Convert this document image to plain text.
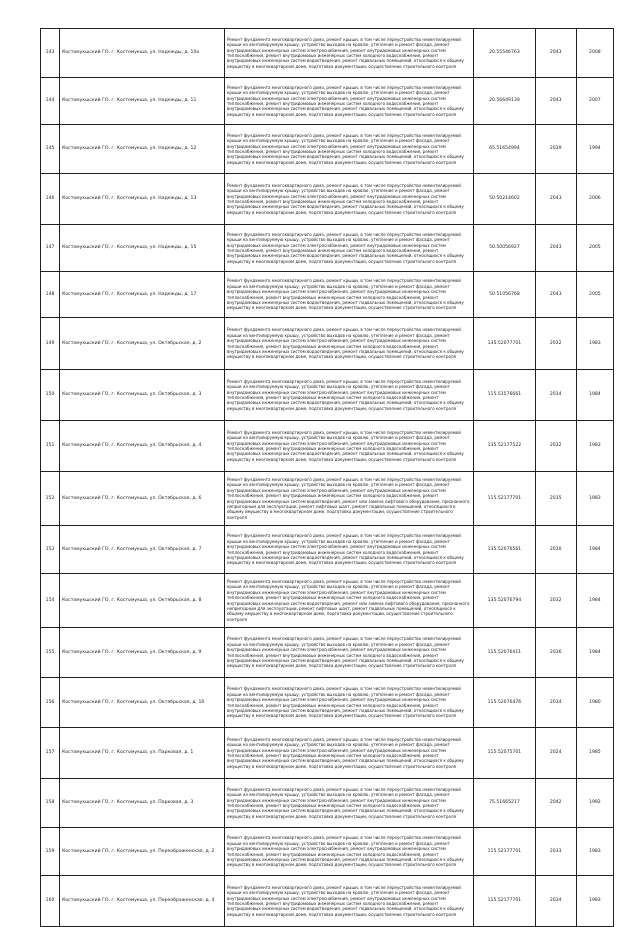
143	Костомукшский ГО, г. Костомукша, ул. Надежды, д. 10а	Ремонт фундамента многоквартирного дома, ремонт крыши, в том числе переустройство невентилируемой крыши на вентилируемую крышу, устройство выходов на кровлю, утепление и ремонт фасада, ремонт внутридомовых инженерных систем электроснабжения, ремонт внутридомовых инженерных систем теплоснабжения, ремонт внутридомовых инженерных систем холодного водоснабжения, ремонт внутридомовых инженерных систем водоотведения, ремонт подвальных помещений, относящихся к общему имуществу в многоквартирном доме, подготовка документации, осуществление строительного контроля	20.55546763	2043	2008
144	Костомукшский ГО, г. Костомукша, ул. Надежды, д. 11	Ремонт фундамента многоквартирного дома, ремонт крыши, в том числе переустройство невентилируемой крыши на вентилируемую крышу, устройство выходов на кровлю, утепление и ремонт фасада, ремонт внутридомовых инженерных систем электроснабжения, ремонт внутридомовых инженерных систем теплоснабжения, ремонт внутридомовых инженерных систем холодного водоснабжения, ремонт внутридомовых инженерных систем водоотведения, ремонт подвальных помещений, относящихся к общему имуществу в многоквартирном доме, подготовка документации, осуществление строительного контроля	20.56649139	2043	2007
145	Костомукшский ГО, г. Костомукша, ул. Надежды, д. 12	Ремонт фундамента многоквартирного дома, ремонт крыши, в том числе переустройство невентилируемой крыши на вентилируемую крышу, устройство выходов на кровлю, утепление и ремонт фасада, ремонт внутридомовых инженерных систем электроснабжения, ремонт внутридомовых инженерных систем теплоснабжения, ремонт внутридомовых инженерных систем холодного водоснабжения, ремонт внутридомовых инженерных систем водоотведения, ремонт подвальных помещений, относящихся к общему имуществу в многоквартирном доме, подготовка документации, осуществление строительного контроля	65.51654994	2039	1994
146	Костомукшский ГО, г. Костомукша, ул. Надежды, д. 13	Ремонт фундамента многоквартирного дома, ремонт крыши, в том числе переустройство невентилируемой крыши на вентилируемую крышу, устройство выходов на кровлю, утепление и ремонт фасада, ремонт внутридомовых инженерных систем электроснабжения, ремонт внутридомовых инженерных систем теплоснабжения, ремонт внутридомовых инженерных систем холодного водоснабжения, ремонт внутридомовых инженерных систем водоотведения, ремонт подвальных помещений, относящихся к общему имуществу в многоквартирном доме, подготовка документации, осуществление строительного контроля	50.50214602	2043	2006
147	Костомукшский ГО, г. Костомукша, ул. Надежды, д. 15	Ремонт фундамента многоквартирного дома, ремонт крыши, в том числе переустройство невентилируемой крыши на вентилируемую крышу, устройство выходов на кровлю, утепление и ремонт фасада, ремонт внутридомовых инженерных систем электроснабжения, ремонт внутридомовых инженерных систем теплоснабжения, ремонт внутридомовых инженерных систем холодного водоснабжения, ремонт внутридомовых инженерных систем водоотведения, ремонт подвальных помещений, относящихся к общему имуществу в многоквартирном доме, подготовка документации, осуществление строительного контроля	50.50056927	2043	2005
148	Костомукшский ГО, г. Костомукша, ул. Надежды, д. 17	Ремонт фундамента многоквартирного дома, ремонт крыши, в том числе переустройство невентилируемой крыши на вентилируемую крышу, устройство выходов на кровлю, утепление и ремонт фасада, ремонт внутридомовых инженерных систем электроснабжения, ремонт внутридомовых инженерных систем теплоснабжения, ремонт внутридомовых инженерных систем холодного водоснабжения, ремонт внутридомовых инженерных систем водоотведения, ремонт подвальных помещений, относящихся к общему имуществу в многоквартирном доме, подготовка документации, осуществление строительного контроля	50.51056768	2043	2005
149	Костомукшский ГО, г. Костомукша, ул. Октябрьская, д. 2	Ремонт фундамента многоквартирного дома, ремонт крыши, в том числе переустройство невентилируемой крыши на вентилируемую крышу, устройство выходов на кровлю, утепление и ремонт фасада, ремонт внутридомовых инженерных систем электроснабжения, ремонт внутридомовых инженерных систем теплоснабжения, ремонт внутридомовых инженерных систем холодного водоснабжения, ремонт внутридомовых инженерных систем водоотведения, ремонт подвальных помещений, относящихся к общему имуществу в многоквартирном доме, подготовка документации, осуществление строительного контроля	135.52077701	2032	1983
150	Костомукшский ГО, г. Костомукша, ул. Октябрьская, д. 3	Ремонт фундамента многоквартирного дома, ремонт крыши, в том числе переустройство невентилируемой крыши на вентилируемую крышу, устройство выходов на кровлю, утепление и ремонт фасада, ремонт внутридомовых инженерных систем электроснабжения, ремонт внутридомовых инженерных систем теплоснабжения, ремонт внутридомовых инженерных систем холодного водоснабжения, ремонт внутридомовых инженерных систем водоотведения, ремонт подвальных помещений, относящихся к общему имуществу в многоквартирном доме, подготовка документации, осуществление строительного контроля	115.51576661	2034	1984
151	Костомукшский ГО, г. Костомукша, ул. Октябрьская, д. 4	Ремонт фундамента многоквартирного дома, ремонт крыши, в том числе переустройство невентилируемой крыши на вентилируемую крышу, устройство выходов на кровлю, утепление и ремонт фасада, ремонт внутридомовых инженерных систем электроснабжения, ремонт внутридомовых инженерных систем теплоснабжения, ремонт внутридомовых инженерных систем холодного водоснабжения, ремонт внутридомовых инженерных систем водоотведения, ремонт подвальных помещений, относящихся к общему имуществу в многоквартирном доме, подготовка документации, осуществление строительного контроля	135.52177522	2032	1983
152	Костомукшский ГО, г. Костомукша, ул. Октябрьская, д. 6	Ремонт фундамента многоквартирного дома, ремонт крыши, в том числе переустройство невентилируемой крыши на вентилируемую крышу, устройство выходов на кровлю, утепление и ремонт фасада, ремонт внутридомовых инженерных систем электроснабжения, ремонт внутридомовых инженерных систем теплоснабжения, ремонт внутридомовых инженерных систем холодного водоснабжения, ремонт внутридомовых инженерных систем водоотведения, ремонт или замена лифтового оборудования, признанного непригодным для эксплуатации, ремонт лифтовых шахт, ремонт подвальных помещений, относящихся к общему имуществу в многоквартирном доме, подготовка документации, осуществление строительного контроля	115.52177701	2035	1983
153	Костомукшский ГО, г. Костомукша, ул. Октябрьская, д. 7	Ремонт фундамента многоквартирного дома, ремонт крыши, в том числе переустройство невентилируемой крыши на вентилируемую крышу, устройство выходов на кровлю, утепление и ремонт фасада, ремонт внутридомовых инженерных систем электроснабжения, ремонт внутридомовых инженерных систем теплоснабжения, ремонт внутридомовых инженерных систем холодного водоснабжения, ремонт внутридомовых инженерных систем водоотведения, ремонт подвальных помещений, относящихся к общему имуществу в многоквартирном доме, подготовка документации, осуществление строительного контроля	135.52076561	2030	1984
154	Костомукшский ГО, г. Костомукша, ул. Октябрьская, д. 8	Ремонт фундамента многоквартирного дома, ремонт крыши, в том числе переустройство невентилируемой крыши на вентилируемую крышу, устройство выходов на кровлю, утепление и ремонт фасада, ремонт внутридомовых инженерных систем электроснабжения, ремонт внутридомовых инженерных систем теплоснабжения, ремонт внутридомовых инженерных систем холодного водоснабжения, ремонт внутридомовых инженерных систем водоотведения, ремонт или замена лифтового оборудования, признанного непригодным для эксплуатации, ремонт лифтовых шахт, ремонт подвальных помещений, относящихся к общему имуществу в многоквартирном доме, подготовка документации, осуществление строительного контроля	135.52076794	2032	1984
155	Костомукшский ГО, г. Костомукша, ул. Октябрьская, д. 9	Ремонт фундамента многоквартирного дома, ремонт крыши, в том числе переустройство невентилируемой крыши на вентилируемую крышу, устройство выходов на кровлю, утепление и ремонт фасада, ремонт внутридомовых инженерных систем электроснабжения, ремонт внутридомовых инженерных систем теплоснабжения, ремонт внутридомовых инженерных систем холодного водоснабжения, ремонт внутридомовых инженерных систем водоотведения, ремонт подвальных помещений, относящихся к общему имуществу в многоквартирном доме, подготовка документации, осуществление строительного контроля	115.52076411	2036	1984
156	Костомукшский ГО, г. Костомукша, ул. Октябрьская, д. 10	Ремонт фундамента многоквартирного дома, ремонт крыши, в том числе переустройство невентилируемой крыши на вентилируемую крышу, устройство выходов на кровлю, утепление и ремонт фасада, ремонт внутридомовых инженерных систем электроснабжения, ремонт внутридомовых инженерных систем теплоснабжения, ремонт внутридомовых инженерных систем холодного водоснабжения, ремонт внутридомовых инженерных систем водоотведения, ремонт подвальных помещений, относящихся к общему имуществу в многоквартирном доме, подготовка документации, осуществление строительного контроля	115.52076476	2034	1980
157	Костомукшский ГО, г. Костомукша, ул. Парковая, д. 1	Ремонт фундамента многоквартирного дома, ремонт крыши, в том числе переустройство невентилируемой крыши на вентилируемую крышу, устройство выходов на кровлю, утепление и ремонт фасада, ремонт внутридомовых инженерных систем электроснабжения, ремонт внутридомовых инженерных систем теплоснабжения, ремонт внутридомовых инженерных систем холодного водоснабжения, ремонт внутридомовых инженерных систем водоотведения, ремонт подвальных помещений, относящихся к общему имуществу в многоквартирном доме, подготовка документации, осуществление строительного контроля	115.52075701	2024	1985
158	Костомукшский ГО, г. Костомукша, ул. Парковая, д. 3	Ремонт фундамента многоквартирного дома, ремонт крыши, в том числе переустройство невентилируемой крыши на вентилируемую крышу, устройство выходов на кровлю, утепление и ремонт фасада, ремонт внутридомовых инженерных систем электроснабжения, ремонт внутридомовых инженерных систем теплоснабжения, ремонт внутридомовых инженерных систем холодного водоснабжения, ремонт внутридомовых инженерных систем водоотведения, ремонт подвальных помещений, относящихся к общему имуществу в многоквартирном доме, подготовка документации, осуществление строительного контроля	75.51665217	2042	1992
159	Костомукшский ГО, г. Костомукша, ул. Переображенская, д. 2	Ремонт фундамента многоквартирного дома, ремонт крыши, в том числе переустройство невентилируемой крыши на вентилируемую крышу, устройство выходов на кровлю, утепление и ремонт фасада, ремонт внутридомовых инженерных систем электроснабжения, ремонт внутридомовых инженерных систем теплоснабжения, ремонт внутридомовых инженерных систем холодного водоснабжения, ремонт внутридомовых инженерных систем водоотведения, ремонт подвальных помещений, относящихся к общему имуществу в многоквартирном доме, подготовка документации, осуществление строительного контроля	115.52177701	2033	1983
160	Костомукшский ГО, г. Костомукша, ул. Переображенская, д. 4	Ремонт фундамента многоквартирного дома, ремонт крыши, в том числе переустройство невентилируемой крыши на вентилируемую крышу, устройство выходов на кровлю, утепление и ремонт фасада, ремонт внутридомовых инженерных систем электроснабжения, ремонт внутридомовых инженерных систем теплоснабжения, ремонт внутридомовых инженерных систем холодного водоснабжения, ремонт внутридомовых инженерных систем водоотведения, ремонт подвальных помещений, относящихся к общему имуществу в многоквартирном доме, подготовка документации, осуществление строительного контроля	115.52177701	2034	1983
